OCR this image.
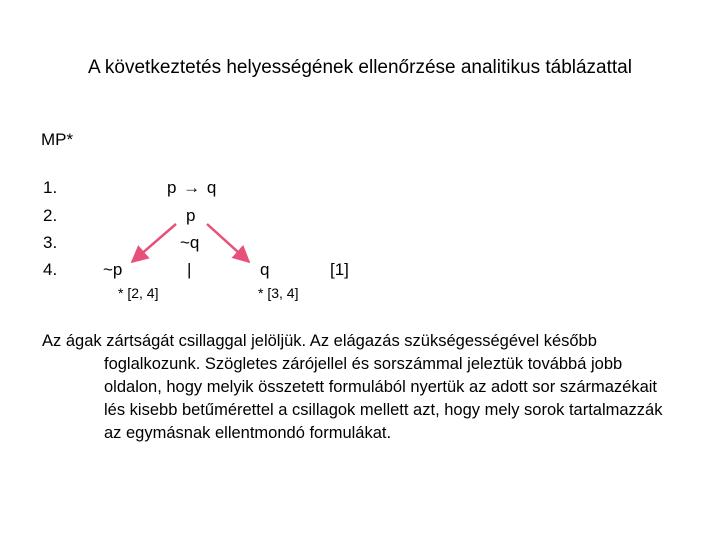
A következtetés helyességének ellenőrzése analitikus táblázattal
MP*
1.
2.
3.
4.
p → q
p
~q
~p	|	q	[1]
* [2, 4]	* [3, 4]
Az ágak zártságát csillaggal jelöljük. Az elágazás szükségességével később
foglalkozunk. Szögletes zárójellel és sorszámmal jeleztük továbbá jobb oldalon, hogy melyik összetett formulából nyertük az adott sor származékait lés kisebb betűmérettel a csillagok mellett azt, hogy mely sorok tartalmazzák az egymásnak ellentmondó formulákat.
